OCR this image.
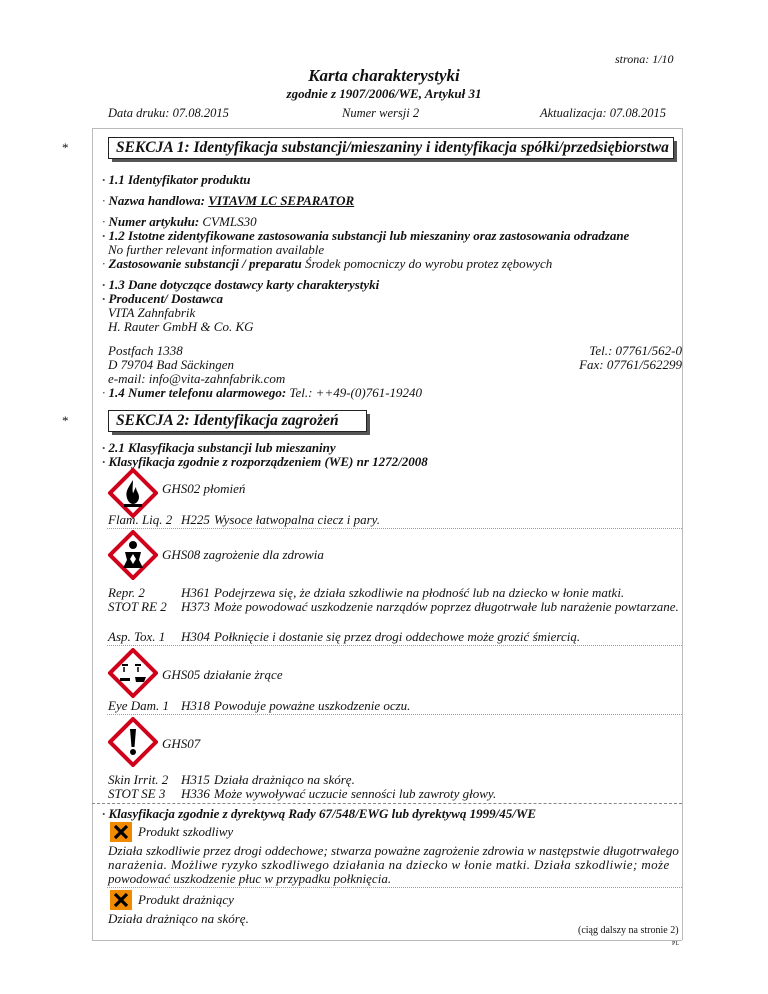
strona: 1/10
Karta charakterystyki
zgodnie z 1907/2006/WE, Artykuł 31
Data druku: 07.08.2015	Numer wersji 2	Aktualizacja: 07.08.2015
*	SEKCJA 1: Identyfikacja substancji/mieszaniny i identyfikacja spółki/przedsiębiorstwa
· 1.1 Identyfikator produktu
· Nazwa handlowa: VITAVM LC SEPARATOR
· Numer artykułu: CVMLS30
· 1.2 Istotne zidentyfikowane zastosowania substancji lub mieszaniny oraz zastosowania odradzane
No further relevant information available
· Zastosowanie substancji / preparatu Środek pomocniczy do wyrobu protez zębowych
· 1.3 Dane dotyczące dostawcy karty charakterystyki
· Producent/ Dostawca
VITA Zahnfabrik
H. Rauter GmbH & Co. KG
Postfach 1338
D 79704 Bad Säckingen
e-mail: info@vita-zahnfabrik.com
Tel.: 07761/562-0
Fax: 07761/562299
· 1.4 Numer telefonu alarmowego: Tel.: ++49-(0)761-19240
*	SEKCJA 2: Identyfikacja zagrożeń
· 2.1 Klasyfikacja substancji lub mieszaniny
· Klasyfikacja zgodnie z rozporządzeniem (WE) nr 1272/2008
GHS02 płomień
Flam. Liq. 2 H225 Wysoce łatwopalna ciecz i pary.
GHS08 zagrożenie dla zdrowia
Repr. 2	H361 Podejrzewa się, że działa szkodliwie na płodność lub na dziecko w łonie matki.
STOT RE 2 H373 Może powodować uszkodzenie narządów poprzez długotrwałe lub narażenie powtarzane.
Asp. Tox. 1 H304 Połknięcie i dostanie się przez drogi oddechowe może grozić śmiercią.
GHS05 działanie żrące
Eye Dam. 1 H318 Powoduje poważne uszkodzenie oczu.
GHS07
Skin Irrit. 2 H315 Działa drażniąco na skórę.
STOT SE 3 H336 Może wywoływać uczucie senności lub zawroty głowy.
· Klasyfikacja zgodnie z dyrektywą Rady 67/548/EWG lub dyrektywą 1999/45/WE
Produkt szkodliwy
Działa szkodliwie przez drogi oddechowe; stwarza poważne zagrożenie zdrowia w następstwie długotrwałego
narażenia. Możliwe ryzyko szkodliwego działania na dziecko w łonie matki. Działa szkodliwie; może
powodować uszkodzenie płuc w przypadku połknięcia.
Produkt drażniący
Działa drażniąco na skórę.
(ciąg dalszy na stronie 2)
PL
